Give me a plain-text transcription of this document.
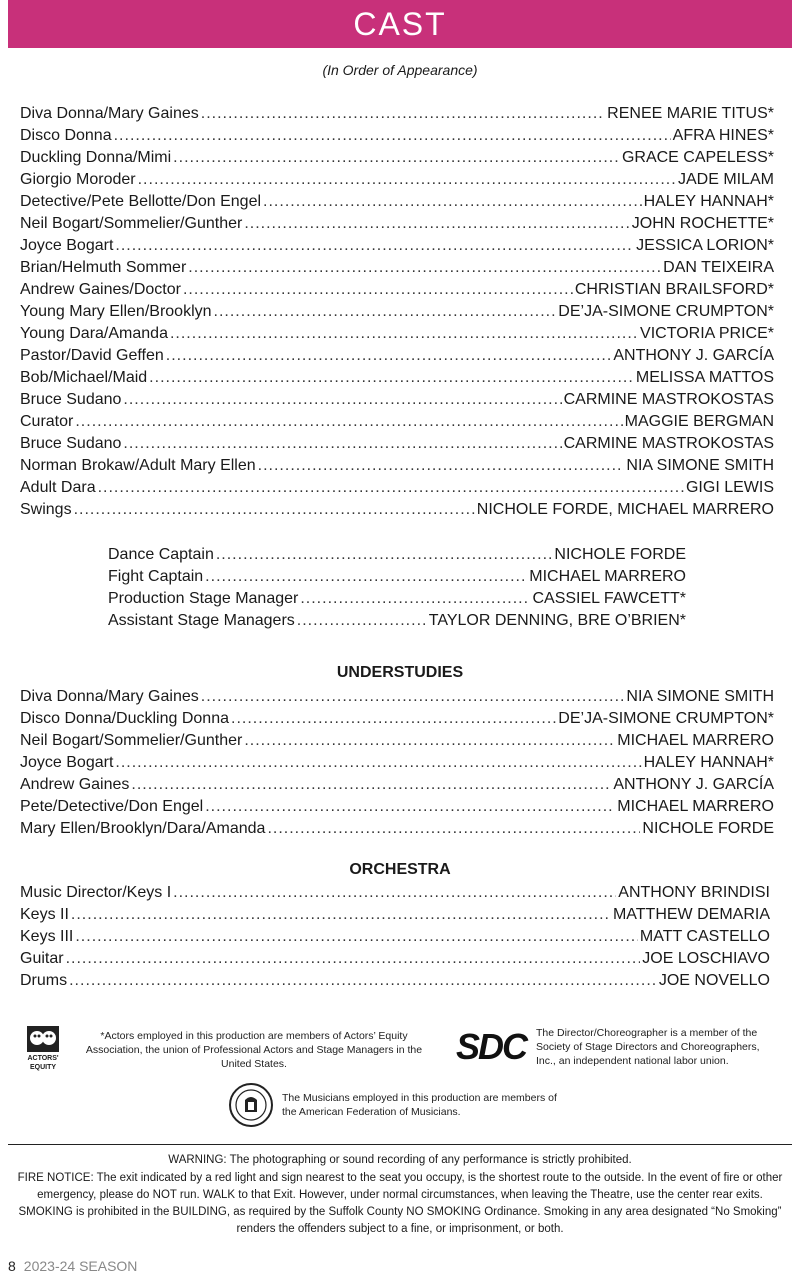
CAST
(In Order of Appearance)
Diva Donna/Mary Gaines .....	RENEE MARIE TITUS*
Disco Donna .....	AFRA HINES*
Duckling Donna/Mimi .....	GRACE CAPELESS*
Giorgio Moroder .....	JADE MILAM
Detective/Pete Bellotte/Don Engel .....	HALEY HANNAH*
Neil Bogart/Sommelier/Gunther .....	JOHN ROCHETTE*
Joyce Bogart .....	JESSICA LORION*
Brian/Helmuth Sommer .....	DAN TEIXEIRA
Andrew Gaines/Doctor .....	CHRISTIAN BRAILSFORD*
Young Mary Ellen/Brooklyn .....	DE’JA-SIMONE CRUMPTON*
Young Dara/Amanda .....	VICTORIA PRICE*
Pastor/David Geffen .....	ANTHONY J. GARCÍA
Bob/Michael/Maid .....	MELISSA MATTOS
Bruce Sudano .....	CARMINE MASTROKOSTAS
Curator .....	MAGGIE BERGMAN
Bruce Sudano .....	CARMINE MASTROKOSTAS
Norman Brokaw/Adult Mary Ellen .....	NIA SIMONE SMITH
Adult Dara .....	GIGI LEWIS
Swings .....	NICHOLE FORDE, MICHAEL MARRERO
Dance Captain .....	NICHOLE FORDE
Fight Captain .....	MICHAEL MARRERO
Production Stage Manager .....	CASSIEL FAWCETT*
Assistant Stage Managers .....	TAYLOR DENNING, BRE O’BRIEN*
UNDERSTUDIES
Diva Donna/Mary Gaines .....	NIA SIMONE SMITH
Disco Donna/Duckling Donna .....	DE’JA-SIMONE CRUMPTON*
Neil Bogart/Sommelier/Gunther .....	MICHAEL MARRERO
Joyce Bogart .....	HALEY HANNAH*
Andrew Gaines .....	ANTHONY J. GARCÍA
Pete/Detective/Don Engel .....	MICHAEL MARRERO
Mary Ellen/Brooklyn/Dara/Amanda .....	NICHOLE FORDE
ORCHESTRA
Music Director/Keys I .....	ANTHONY BRINDISI
Keys II .....	MATTHEW DEMARIA
Keys III .....	MATT CASTELLO
Guitar .....	JOE LOSCHIAVO
Drums .....	JOE NOVELLO
ACTORS' EQUITY
*Actors employed in this production are members of Actors’ Equity Association, the union of Professional Actors and Stage Managers in the United States.	SDC The Director/Choreographer is a member of the Society of Stage Directors and Choreographers, Inc., an independent national labor union.
The Musicians employed in this production are members of the American Federation of Musicians.
WARNING: The photographing or sound recording of any performance is strictly prohibited.
FIRE NOTICE: The exit indicated by a red light and sign nearest to the seat you occupy, is the shortest route to the outside. In the event of fire or other emergency, please do NOT run. WALK to that Exit. However, under normal circumstances, when leaving the Theatre, use the center rear exits. SMOKING is prohibited in the BUILDING, as required by the Suffolk County NO SMOKING Ordinance. Smoking in any area designated “No Smoking” renders the offenders subject to a fine, or imprisonment, or both.
8 2023-24 SEASON
